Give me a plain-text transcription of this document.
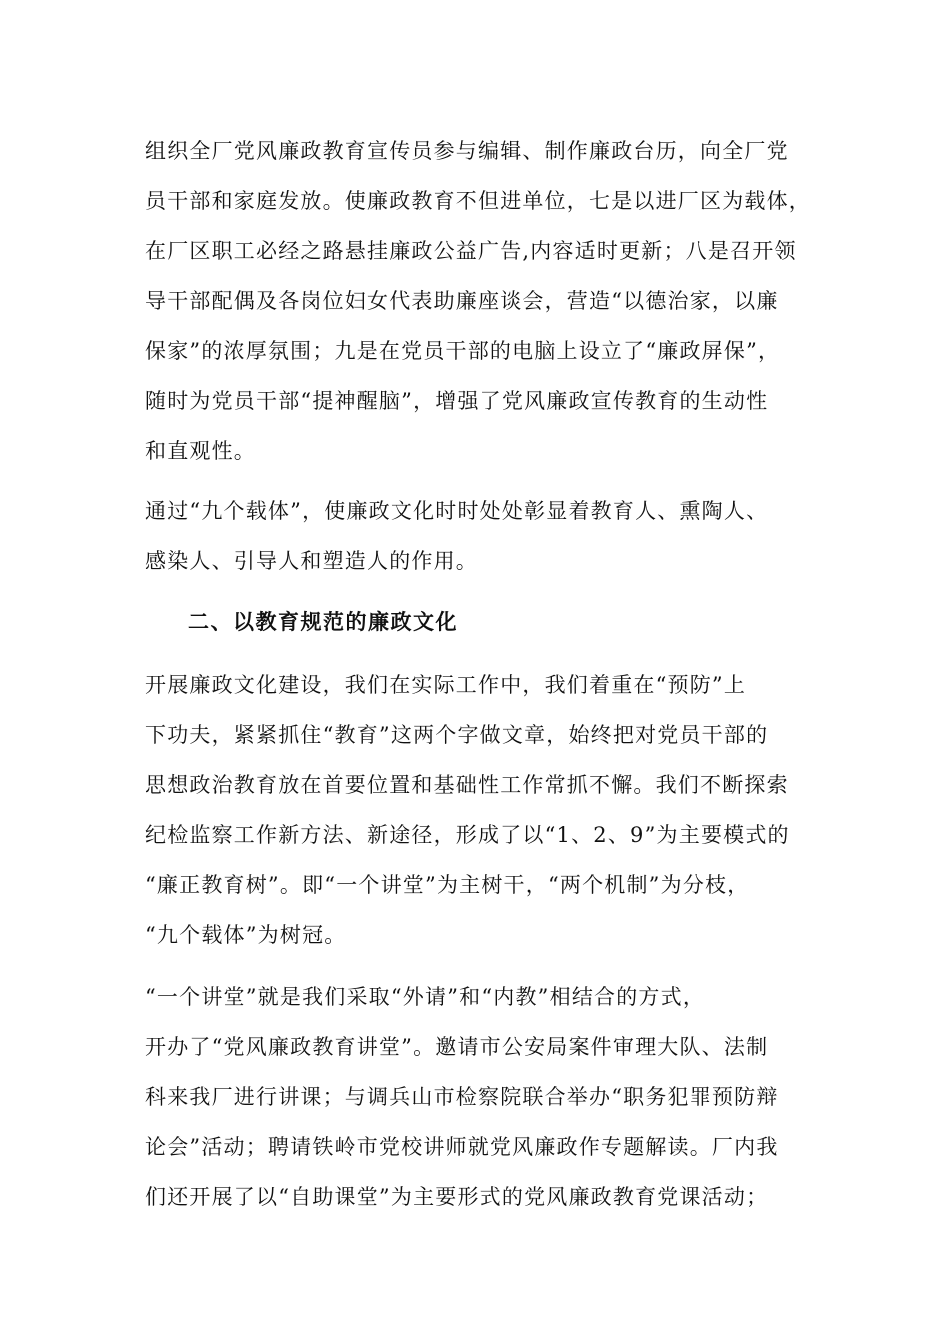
组织全厂党风廉政教育宣传员参与编辑、制作廉政台历，向全厂党
员干部和家庭发放。使廉政教育不但进单位，七是以进厂区为载体，
在厂区职工必经之路悬挂廉政公益广告,内容适时更新；八是召开领
导干部配偶及各岗位妇女代表助廉座谈会，营造“以德治家，以廉
保家”的浓厚氛围；九是在党员干部的电脑上设立了“廉政屏保”，
随时为党员干部“提神醒脑”，增强了党风廉政宣传教育的生动性
和直观性。
通过“九个载体”，使廉政文化时时处处彰显着教育人、熏陶人、
感染人、引导人和塑造人的作用。
二、以教育规范的廉政文化
开展廉政文化建设，我们在实际工作中，我们着重在“预防”上
下功夫，紧紧抓住“教育”这两个字做文章，始终把对党员干部的
思想政治教育放在首要位置和基础性工作常抓不懈。我们不断探索
纪检监察工作新方法、新途径，形成了以“1、2、9”为主要模式的
“廉正教育树”。即“一个讲堂”为主树干，“两个机制”为分枝，
“九个载体”为树冠。
“一个讲堂”就是我们采取“外请”和“内教”相结合的方式，
开办了“党风廉政教育讲堂”。邀请市公安局案件审理大队、法制
科来我厂进行讲课；与调兵山市检察院联合举办“职务犯罪预防辩
论会”活动；聘请铁岭市党校讲师就党风廉政作专题解读。厂内我
们还开展了以“自助课堂”为主要形式的党风廉政教育党课活动；
